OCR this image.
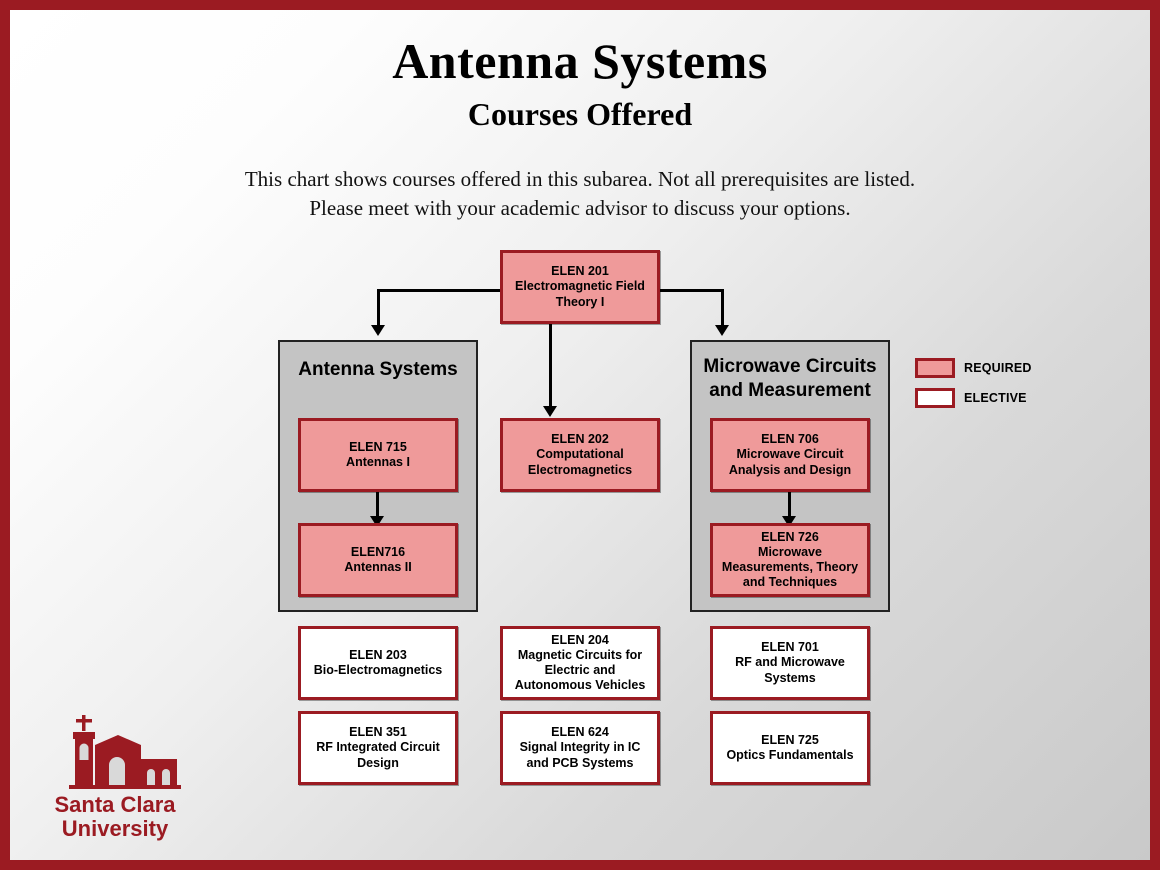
Antenna Systems
Courses Offered
This chart shows courses offered in this subarea. Not all prerequisites are listed.
Please meet with your academic advisor to discuss your options.
Antenna Systems	Microwave Circuits
and Measurement
ELEN 201
Electromagnetic Field
Theory I
ELEN 715
Antennas I
ELEN716
Antennas II
ELEN 202
Computational
Electromagnetics
ELEN 706
Microwave Circuit
Analysis and Design
ELEN 726
Microwave
Measurements, Theory
and Techniques
ELEN 203
Bio-Electromagnetics
ELEN 204
Magnetic Circuits for
Electric and
Autonomous Vehicles
ELEN 701
RF and Microwave
Systems
ELEN 351
RF Integrated Circuit
Design
ELEN 624
Signal Integrity in IC
and PCB Systems
ELEN 725
Optics Fundamentals
REQUIRED
ELECTIVE
Santa Clara
University
